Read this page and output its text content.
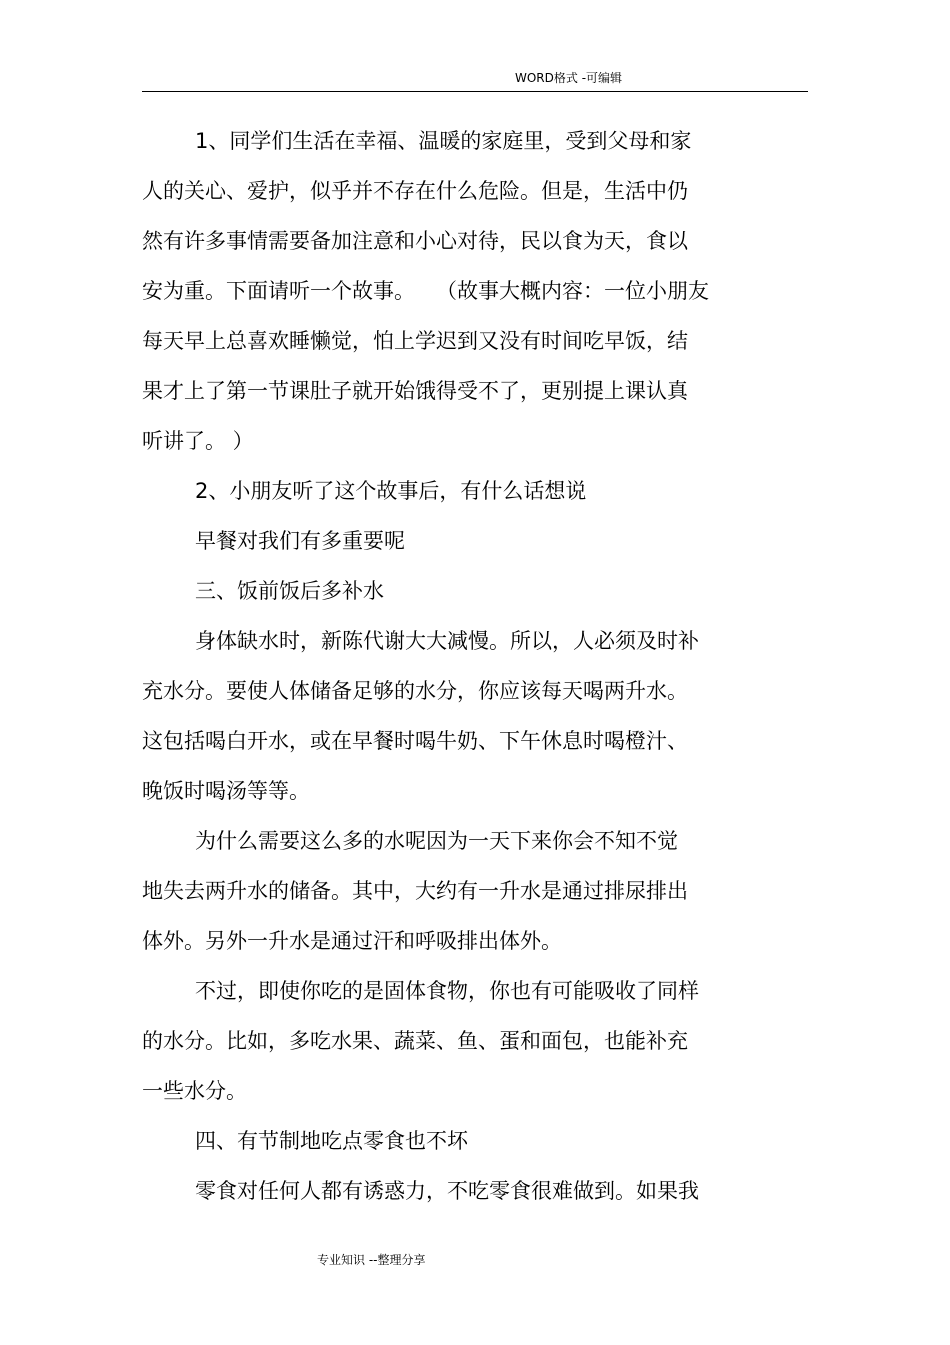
WORD格式 -可编辑
1、同学们生活在幸福、温暖的家庭里，受到父母和家
人的关心、爱护，似乎并不存在什么危险。但是，生活中仍
然有许多事情需要备加注意和小心对待，民以食为天，食以
安为重。下面请听一个故事。　　（故事大概内容：一位小朋友
每天早上总喜欢睡懒觉，怕上学迟到又没有时间吃早饭，结
果才上了第一节课肚子就开始饿得受不了，更别提上课认真
听讲了。 ）
2、小朋友听了这个故事后，有什么话想说
早餐对我们有多重要呢
三、饭前饭后多补水
身体缺水时，新陈代谢大大减慢。所以，人必须及时补
充水分。要使人体储备足够的水分，你应该每天喝两升水。
这包括喝白开水，或在早餐时喝牛奶、下午休息时喝橙汁、
晚饭时喝汤等等。
为什么需要这么多的水呢因为一天下来你会不知不觉
地失去两升水的储备。其中，大约有一升水是通过排尿排出
体外。另外一升水是通过汗和呼吸排出体外。
不过，即使你吃的是固体食物，你也有可能吸收了同样
的水分。比如，多吃水果、蔬菜、鱼、蛋和面包，也能补充
一些水分。
四、有节制地吃点零食也不坏
零食对任何人都有诱惑力，不吃零食很难做到。如果我
专业知识 --整理分享
